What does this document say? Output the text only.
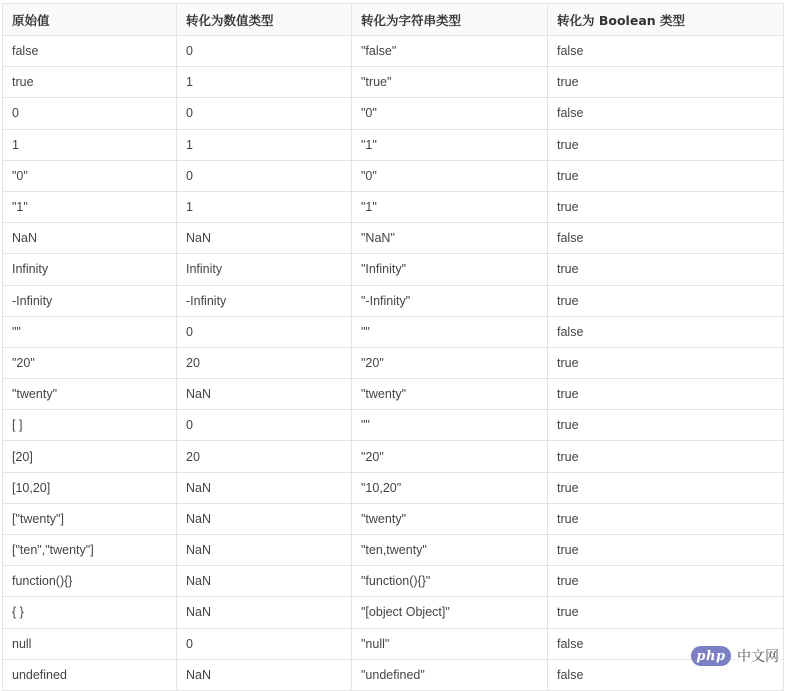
原始值	转化为数值类型	转化为字符串类型	转化为 Boolean 类型
false	0	"false"	false
true	1	"true"	true
0	0	"0"	false
1	1	"1"	true
"0"	0	"0"	true
"1"	1	"1"	true
NaN	NaN	"NaN"	false
Infinity	Infinity	"Infinity"	true
-Infinity	-Infinity	"-Infinity"	true
""	0	""	false
"20"	20	"20"	true
"twenty"	NaN	"twenty"	true
[ ]	0	""	true
[20]	20	"20"	true
[10,20]	NaN	"10,20"	true
["twenty"]	NaN	"twenty"	true
["ten","twenty"]	NaN	"ten,twenty"	true
function(){}	NaN	"function(){}"	true
{ }	NaN	"[object Object]"	true
null	0	"null"	false
undefined	NaN	"undefined"	false
php 中文网
